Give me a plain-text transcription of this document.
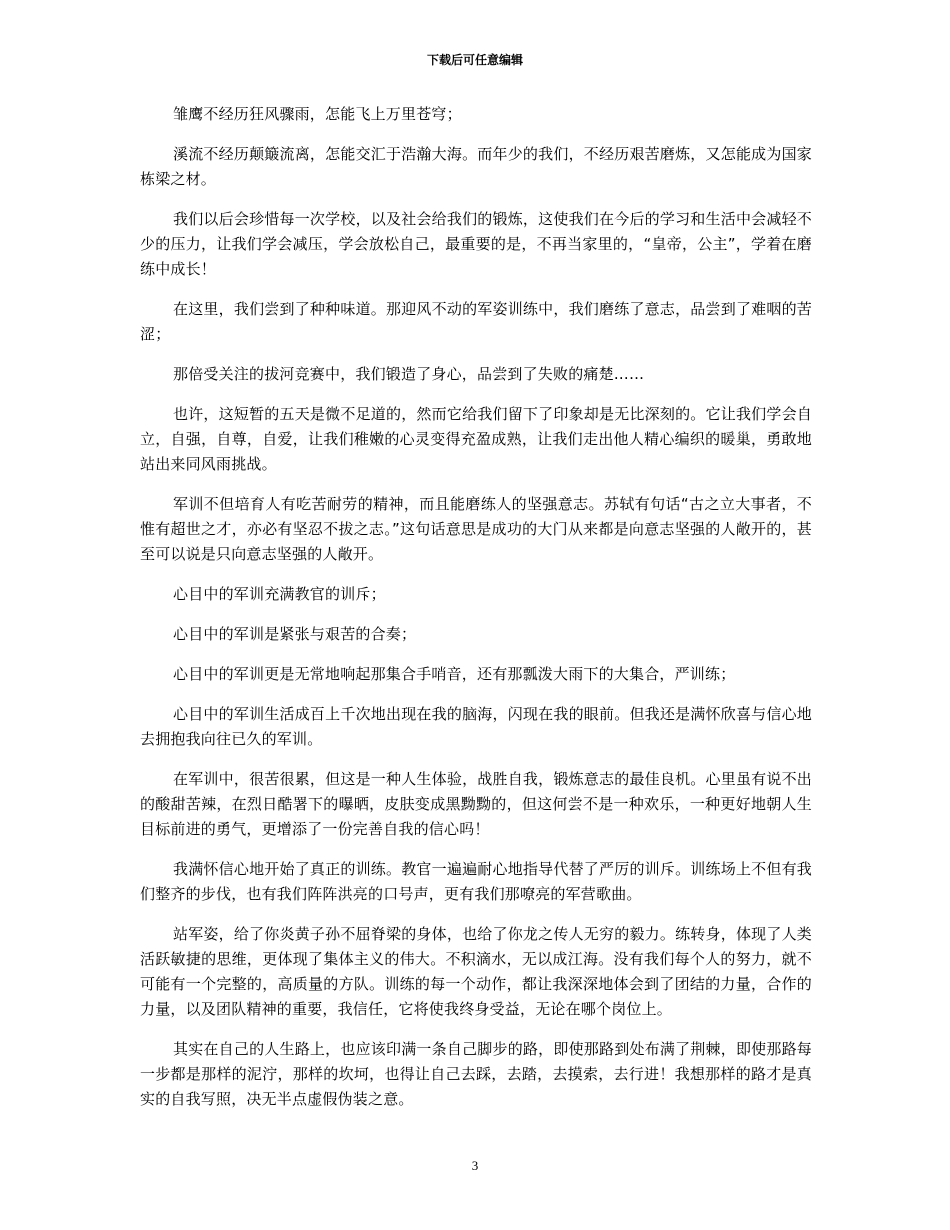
下载后可任意编辑

雏鹰不经历狂风骤雨，怎能飞上万里苍穹；

溪流不经历颠簸流离，怎能交汇于浩瀚大海。而年少的我们，不经历艰苦磨炼，又怎能成为国家栋梁之材。

我们以后会珍惜每一次学校，以及社会给我们的锻炼，这使我们在今后的学习和生活中会减轻不少的压力，让我们学会减压，学会放松自己，最重要的是，不再当家里的，“皇帝，公主”，学着在磨练中成长！

在这里，我们尝到了种种味道。那迎风不动的军姿训练中，我们磨练了意志，品尝到了难咽的苦涩；

那倍受关注的拔河竞赛中，我们锻造了身心，品尝到了失败的痛楚……

也许，这短暂的五天是微不足道的，然而它给我们留下了印象却是无比深刻的。它让我们学会自立，自强，自尊，自爱，让我们稚嫩的心灵变得充盈成熟，让我们走出他人精心编织的暖巢，勇敢地站出来同风雨挑战。

军训不但培育人有吃苦耐劳的精神，而且能磨练人的坚强意志。苏轼有句话“古之立大事者，不惟有超世之才，亦必有坚忍不拔之志。”这句话意思是成功的大门从来都是向意志坚强的人敞开的，甚至可以说是只向意志坚强的人敞开。

心目中的军训充满教官的训斥；

心目中的军训是紧张与艰苦的合奏；

心目中的军训更是无常地响起那集合手哨音，还有那瓢泼大雨下的大集合，严训练；

心目中的军训生活成百上千次地出现在我的脑海，闪现在我的眼前。但我还是满怀欣喜与信心地去拥抱我向往已久的军训。

在军训中，很苦很累，但这是一种人生体验，战胜自我，锻炼意志的最佳良机。心里虽有说不出的酸甜苦辣，在烈日酷署下的曝晒，皮肤变成黑黝黝的，但这何尝不是一种欢乐，一种更好地朝人生目标前进的勇气，更增添了一份完善自我的信心吗！

我满怀信心地开始了真正的训练。教官一遍遍耐心地指导代替了严厉的训斥。训练场上不但有我们整齐的步伐，也有我们阵阵洪亮的口号声，更有我们那嘹亮的军营歌曲。

站军姿，给了你炎黄子孙不屈脊梁的身体，也给了你龙之传人无穷的毅力。练转身，体现了人类活跃敏捷的思维，更体现了集体主义的伟大。不积滴水，无以成江海。没有我们每个人的努力，就不可能有一个完整的，高质量的方队。训练的每一个动作，都让我深深地体会到了团结的力量，合作的力量，以及团队精神的重要，我信任，它将使我终身受益，无论在哪个岗位上。

其实在自己的人生路上，也应该印满一条自己脚步的路，即使那路到处布满了荆棘，即使那路每一步都是那样的泥泞，那样的坎坷，也得让自己去踩，去踏，去摸索，去行进！我想那样的路才是真实的自我写照，决无半点虚假伪装之意。

3
